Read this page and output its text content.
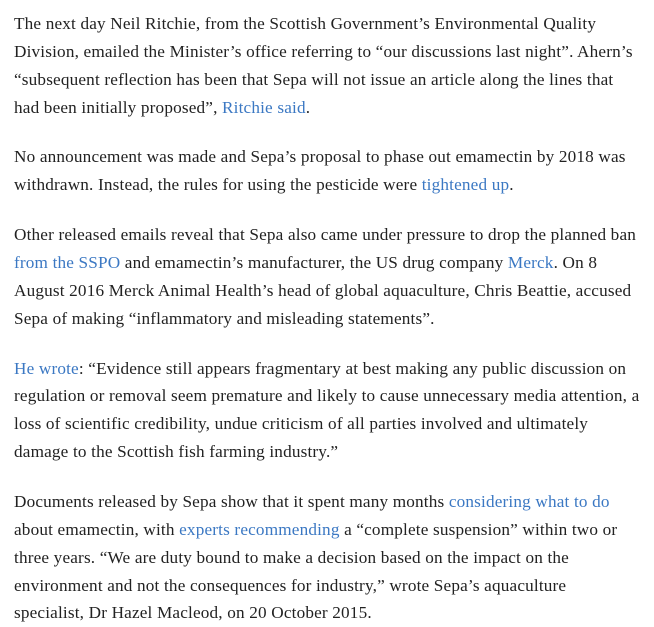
The next day Neil Ritchie, from the Scottish Government’s Environmental Quality Division, emailed the Minister’s office referring to “our discussions last night”. Ahern’s “subsequent reflection has been that Sepa will not issue an article along the lines that had been initially proposed”, Ritchie said.

No announcement was made and Sepa’s proposal to phase out emamectin by 2018 was withdrawn. Instead, the rules for using the pesticide were tightened up.

Other released emails reveal that Sepa also came under pressure to drop the planned ban from the SSPO and emamectin’s manufacturer, the US drug company Merck. On 8 August 2016 Merck Animal Health’s head of global aquaculture, Chris Beattie, accused Sepa of making “inflammatory and misleading statements”.

He wrote: “Evidence still appears fragmentary at best making any public discussion on regulation or removal seem premature and likely to cause unnecessary media attention, a loss of scientific credibility, undue criticism of all parties involved and ultimately damage to the Scottish fish farming industry.”

Documents released by Sepa show that it spent many months considering what to do about emamectin, with experts recommending a “complete suspension” within two or three years. “We are duty bound to make a decision based on the impact on the environment and not the consequences for industry,” wrote Sepa’s aquaculture specialist, Dr Hazel Macleod, on 20 October 2015.
